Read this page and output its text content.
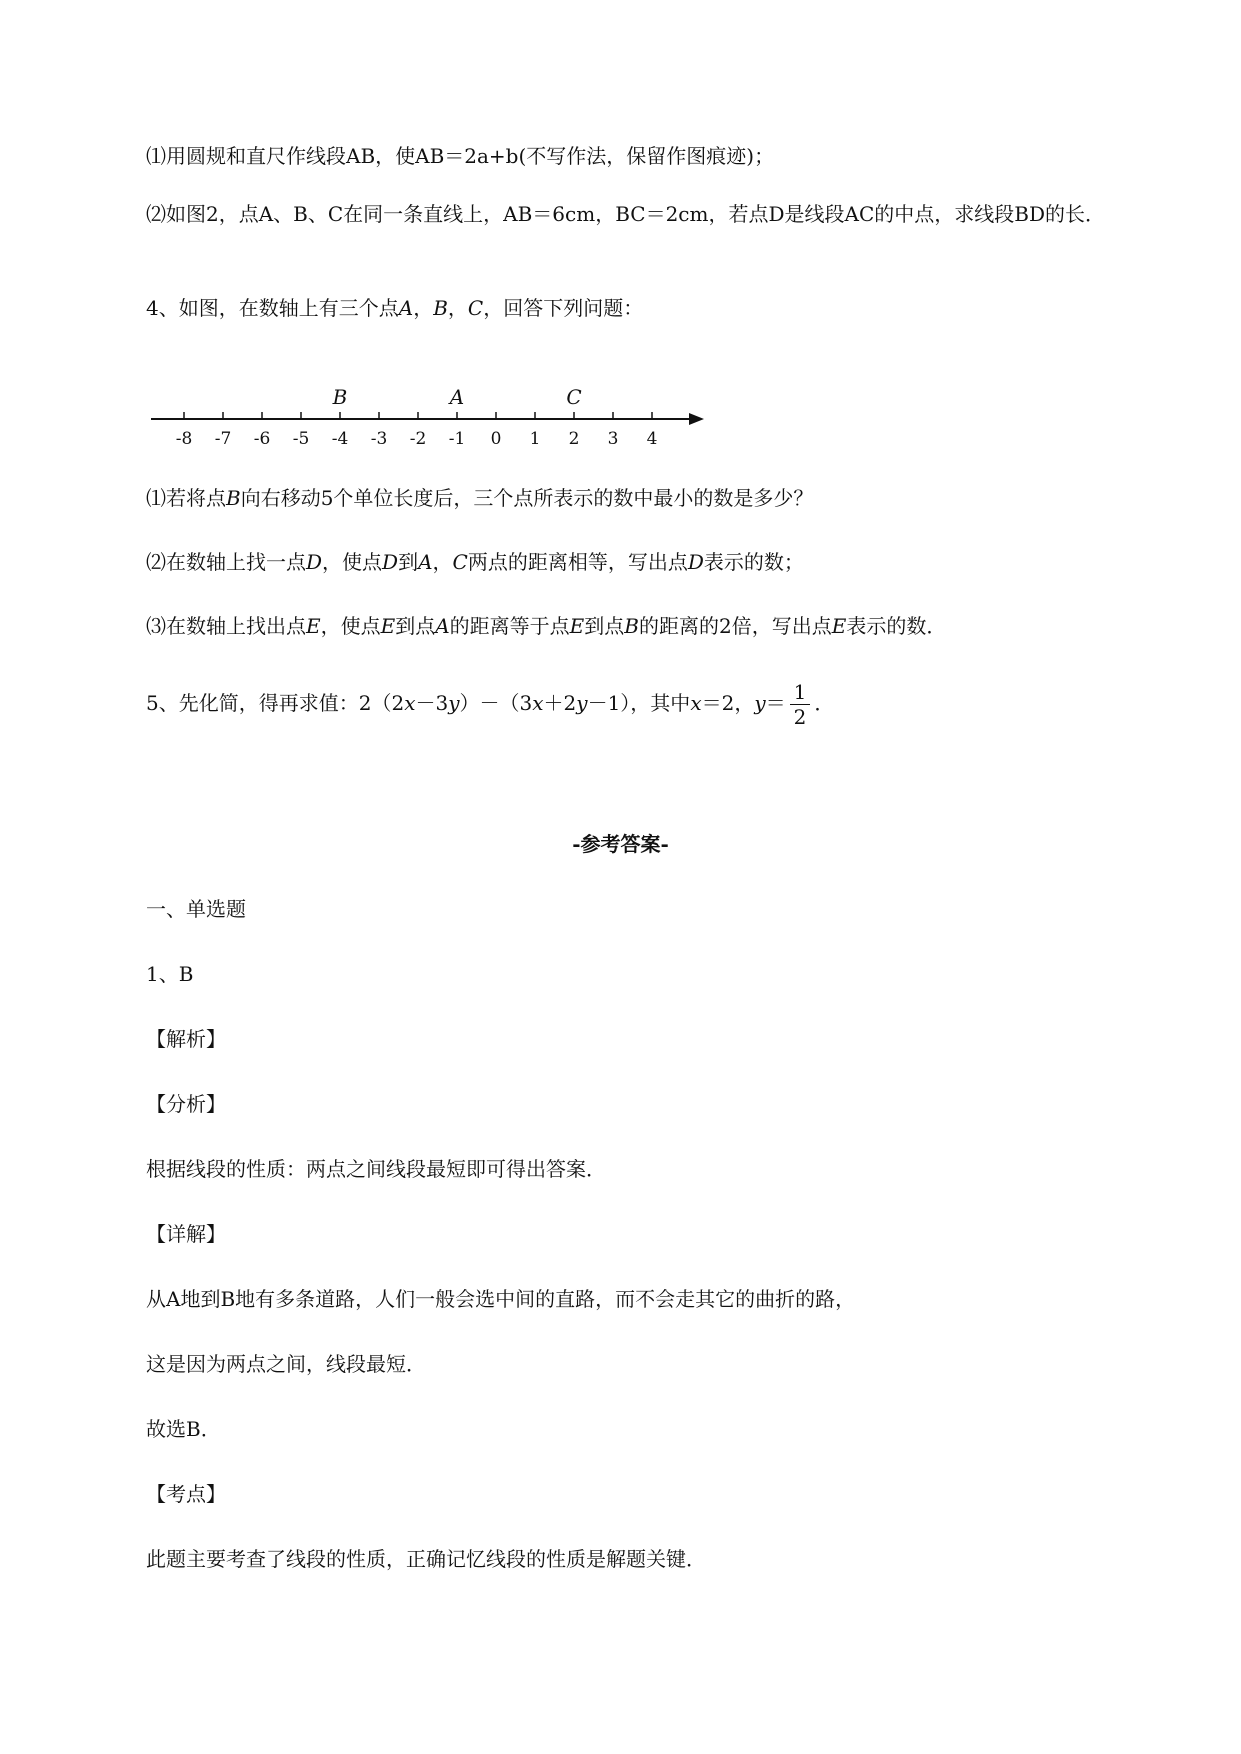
⑴用圆规和直尺作线段AB，使AB＝2a+b(不写作法，保留作图痕迹)；
⑵如图2，点A、B、C在同一条直线上，AB＝6cm，BC＝2cm，若点D是线段AC的中点，求线段BD的长．
4、如图，在数轴上有三个点A，B，C，回答下列问题：
-8 -7 -6 -5 -4 -3 -2 -1 0 1 2 3 4
B	A	C
⑴若将点B向右移动5个单位长度后，三个点所表示的数中最小的数是多少？
⑵在数轴上找一点D，使点D到A，C两点的距离相等，写出点D表示的数；
⑶在数轴上找出点E，使点E到点A的距离等于点E到点B的距离的2倍，写出点E表示的数．
5、先化简，得再求值：2（2x－3y）－（3x＋2y－1），其中x＝2，$y= \frac{1}{2}$ ．
-参考答案-
一、单选题
1、B
【解析】
【分析】
根据线段的性质：两点之间线段最短即可得出答案．
【详解】
从A地到B地有多条道路，人们一般会选中间的直路，而不会走其它的曲折的路，
这是因为两点之间，线段最短．
故选B．
【考点】
此题主要考查了线段的性质，正确记忆线段的性质是解题关键．
